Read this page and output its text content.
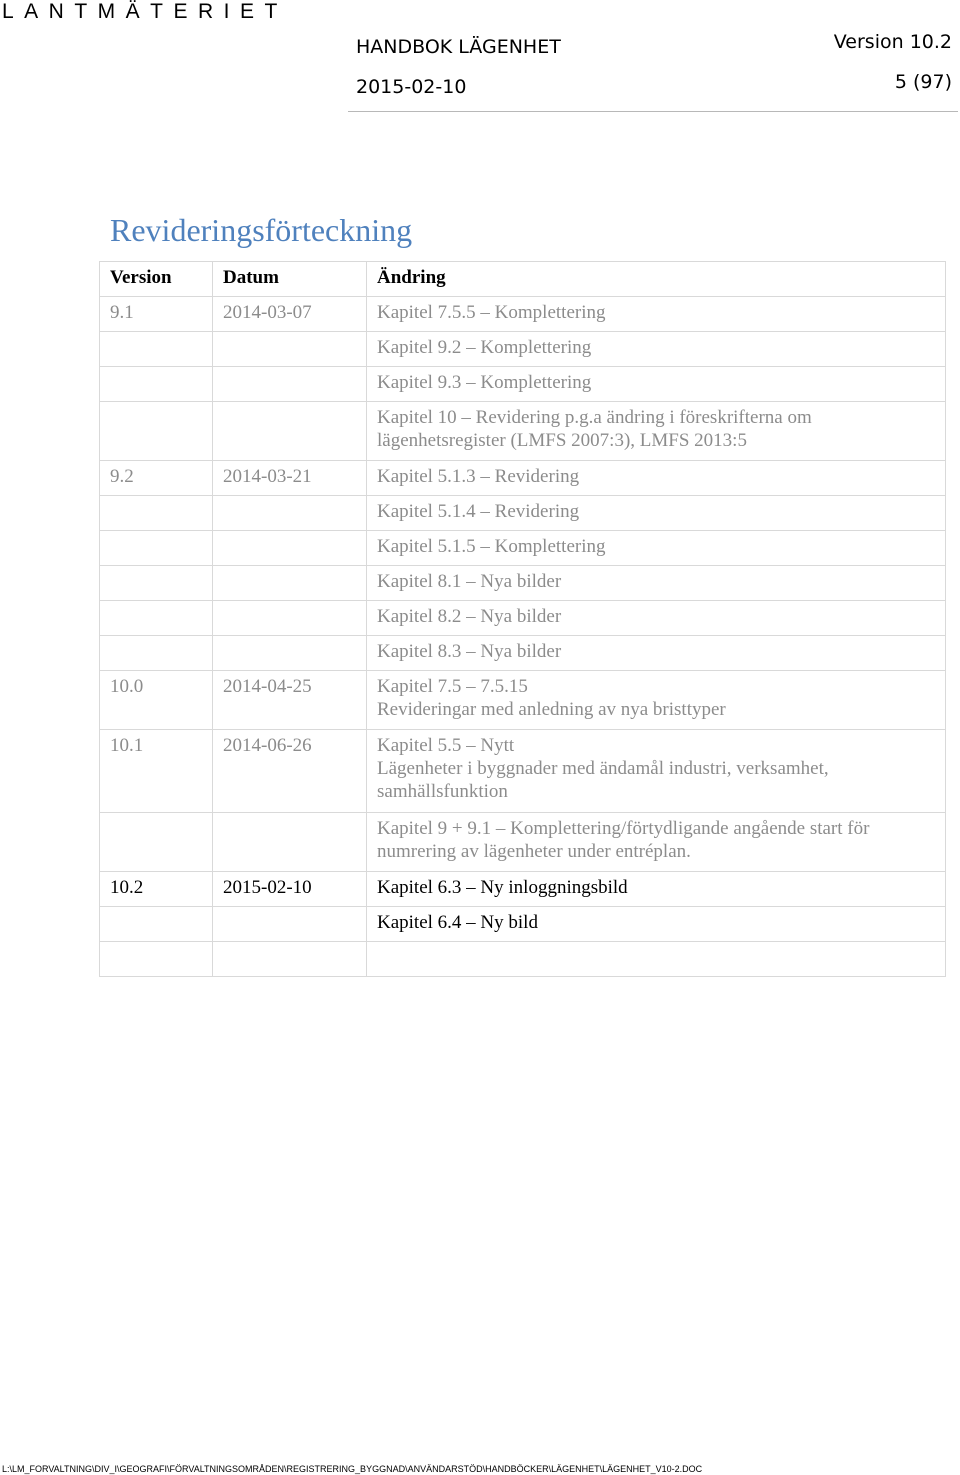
LANTMÄTERIET
HANDBOK LÄGENHET	Version 10.2
2015-02-10	5 (97)
Revideringsförteckning
Version	Datum	Ändring
9.1	2014-03-07	Kapitel 7.5.5 – Komplettering
		Kapitel 9.2 – Komplettering
		Kapitel 9.3 – Komplettering
		Kapitel 10 – Revidering p.g.a ändring i föreskrifterna om lägenhetsregister (LMFS 2007:3), LMFS 2013:5
9.2	2014-03-21	Kapitel 5.1.3 – Revidering
		Kapitel 5.1.4 – Revidering
		Kapitel 5.1.5 – Komplettering
		Kapitel 8.1 – Nya bilder
		Kapitel 8.2 – Nya bilder
		Kapitel 8.3 – Nya bilder
10.0	2014-04-25	Kapitel 7.5 – 7.5.15
Revideringar med anledning av nya bristtyper

10.1	2014-06-26	Kapitel 5.5 – Nytt
Lägenheter i byggnader med ändamål industri, verksamhet, samhällsfunktion

		Kapitel 9 + 9.1 – Komplettering/förtydligande angående start för numrering av lägenheter under entréplan.
10.2	2015-02-10	Kapitel 6.3 – Ny inloggningsbild
		Kapitel 6.4 – Ny bild

L:\LM_FORVALTNING\DIV_I\GEOGRAFI\FÖRVALTNINGSOMRÅDEN\REGISTRERING_BYGGNAD\ANVÄNDARSTÖD\HANDBÖCKER\LÄGENHET\LÄGENHET_V10-2.DOC
